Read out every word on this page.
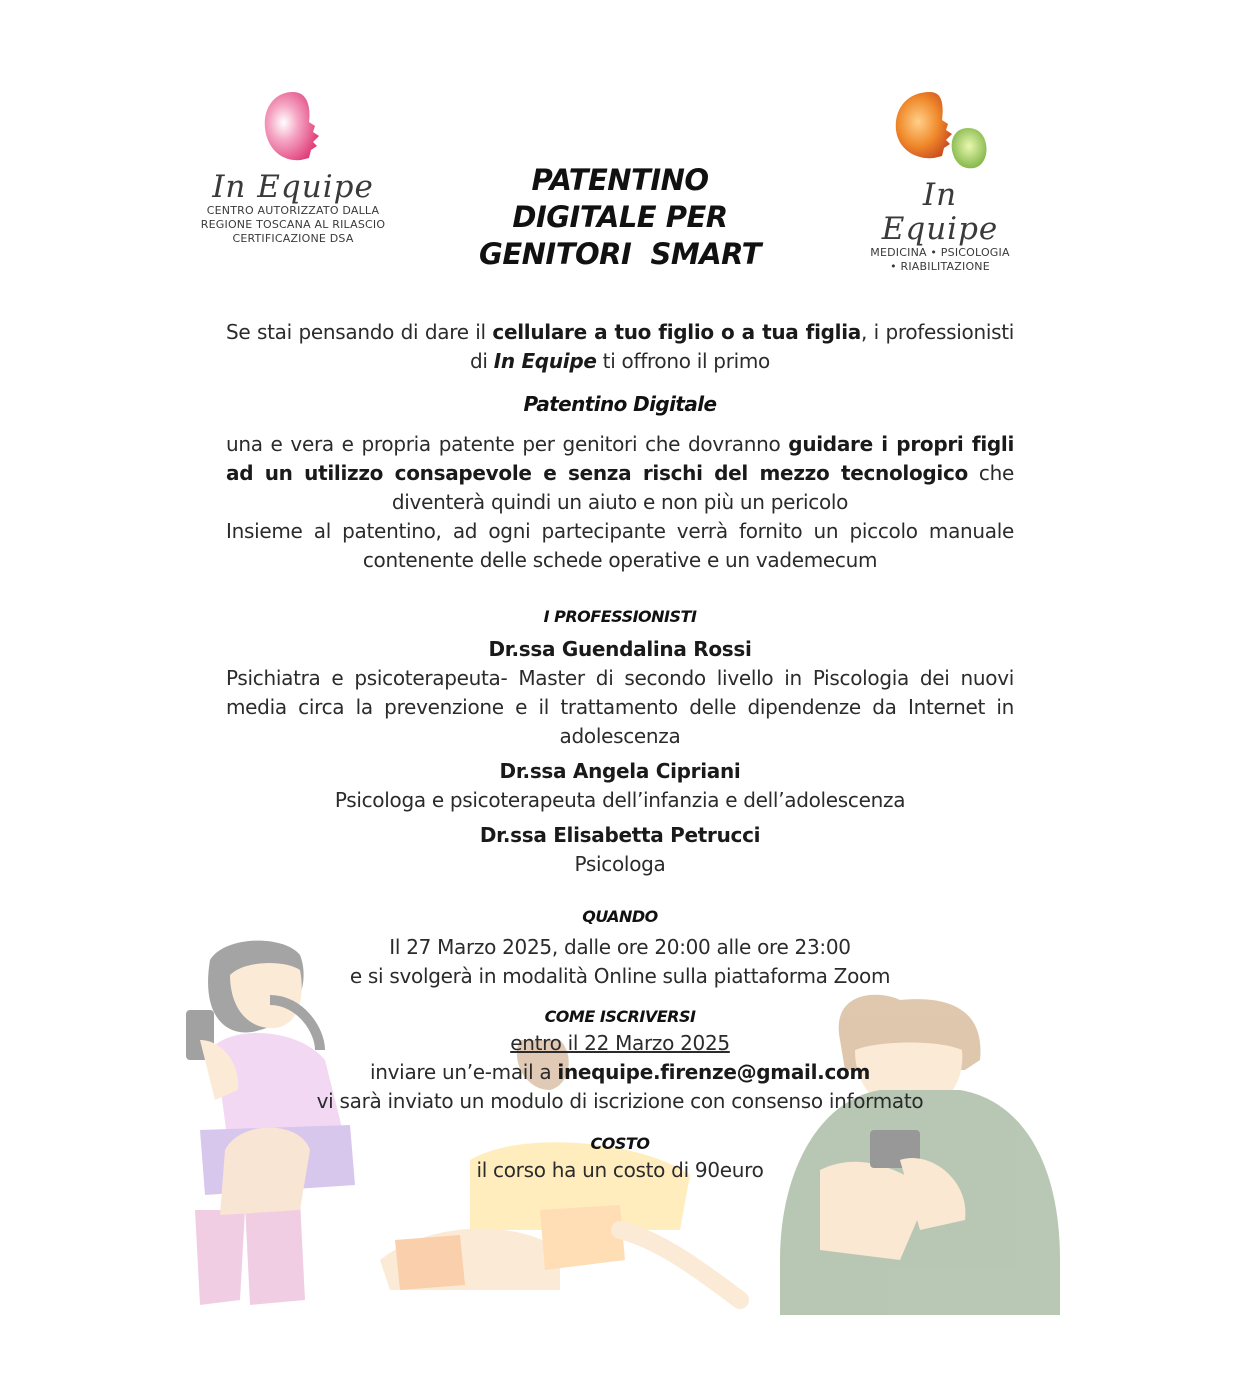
In Equipe
CENTRO AUTORIZZATO DALLA
REGIONE TOSCANA AL RILASCIO
CERTIFICAZIONE DSA
PATENTINO
DIGITALE PER
GENITORI  SMART
In Equipe
MEDICINA • PSICOLOGIA
• RIABILITAZIONE
Se stai pensando di dare il cellulare a tuo figlio o a tua figlia, i professionisti di In Equipe ti offrono il primo
Patentino Digitale
una e vera e propria patente per genitori che dovranno guidare i propri figli ad un utilizzo consapevole e senza rischi del mezzo tecnologico che diventerà quindi un aiuto e non più un pericolo
Insieme al patentino, ad ogni partecipante verrà fornito un piccolo manuale contenente delle schede operative e un vademecum
I PROFESSIONISTI
Dr.ssa Guendalina Rossi
Psichiatra e psicoterapeuta- Master di secondo livello in Piscologia dei nuovi media circa la prevenzione e il trattamento delle dipendenze da Internet in adolescenza
Dr.ssa Angela Cipriani
Psicologa e psicoterapeuta dell’infanzia e dell’adolescenza
Dr.ssa Elisabetta Petrucci
Psicologa
QUANDO
Il 27 Marzo 2025, dalle ore 20:00 alle ore 23:00
e si svolgerà in modalità Online sulla piattaforma Zoom
COME ISCRIVERSI
entro il 22 Marzo 2025
inviare un’e-mail a inequipe.firenze@gmail.com
vi sarà inviato un modulo di iscrizione con consenso informato
COSTO
il corso ha un costo di 90euro
